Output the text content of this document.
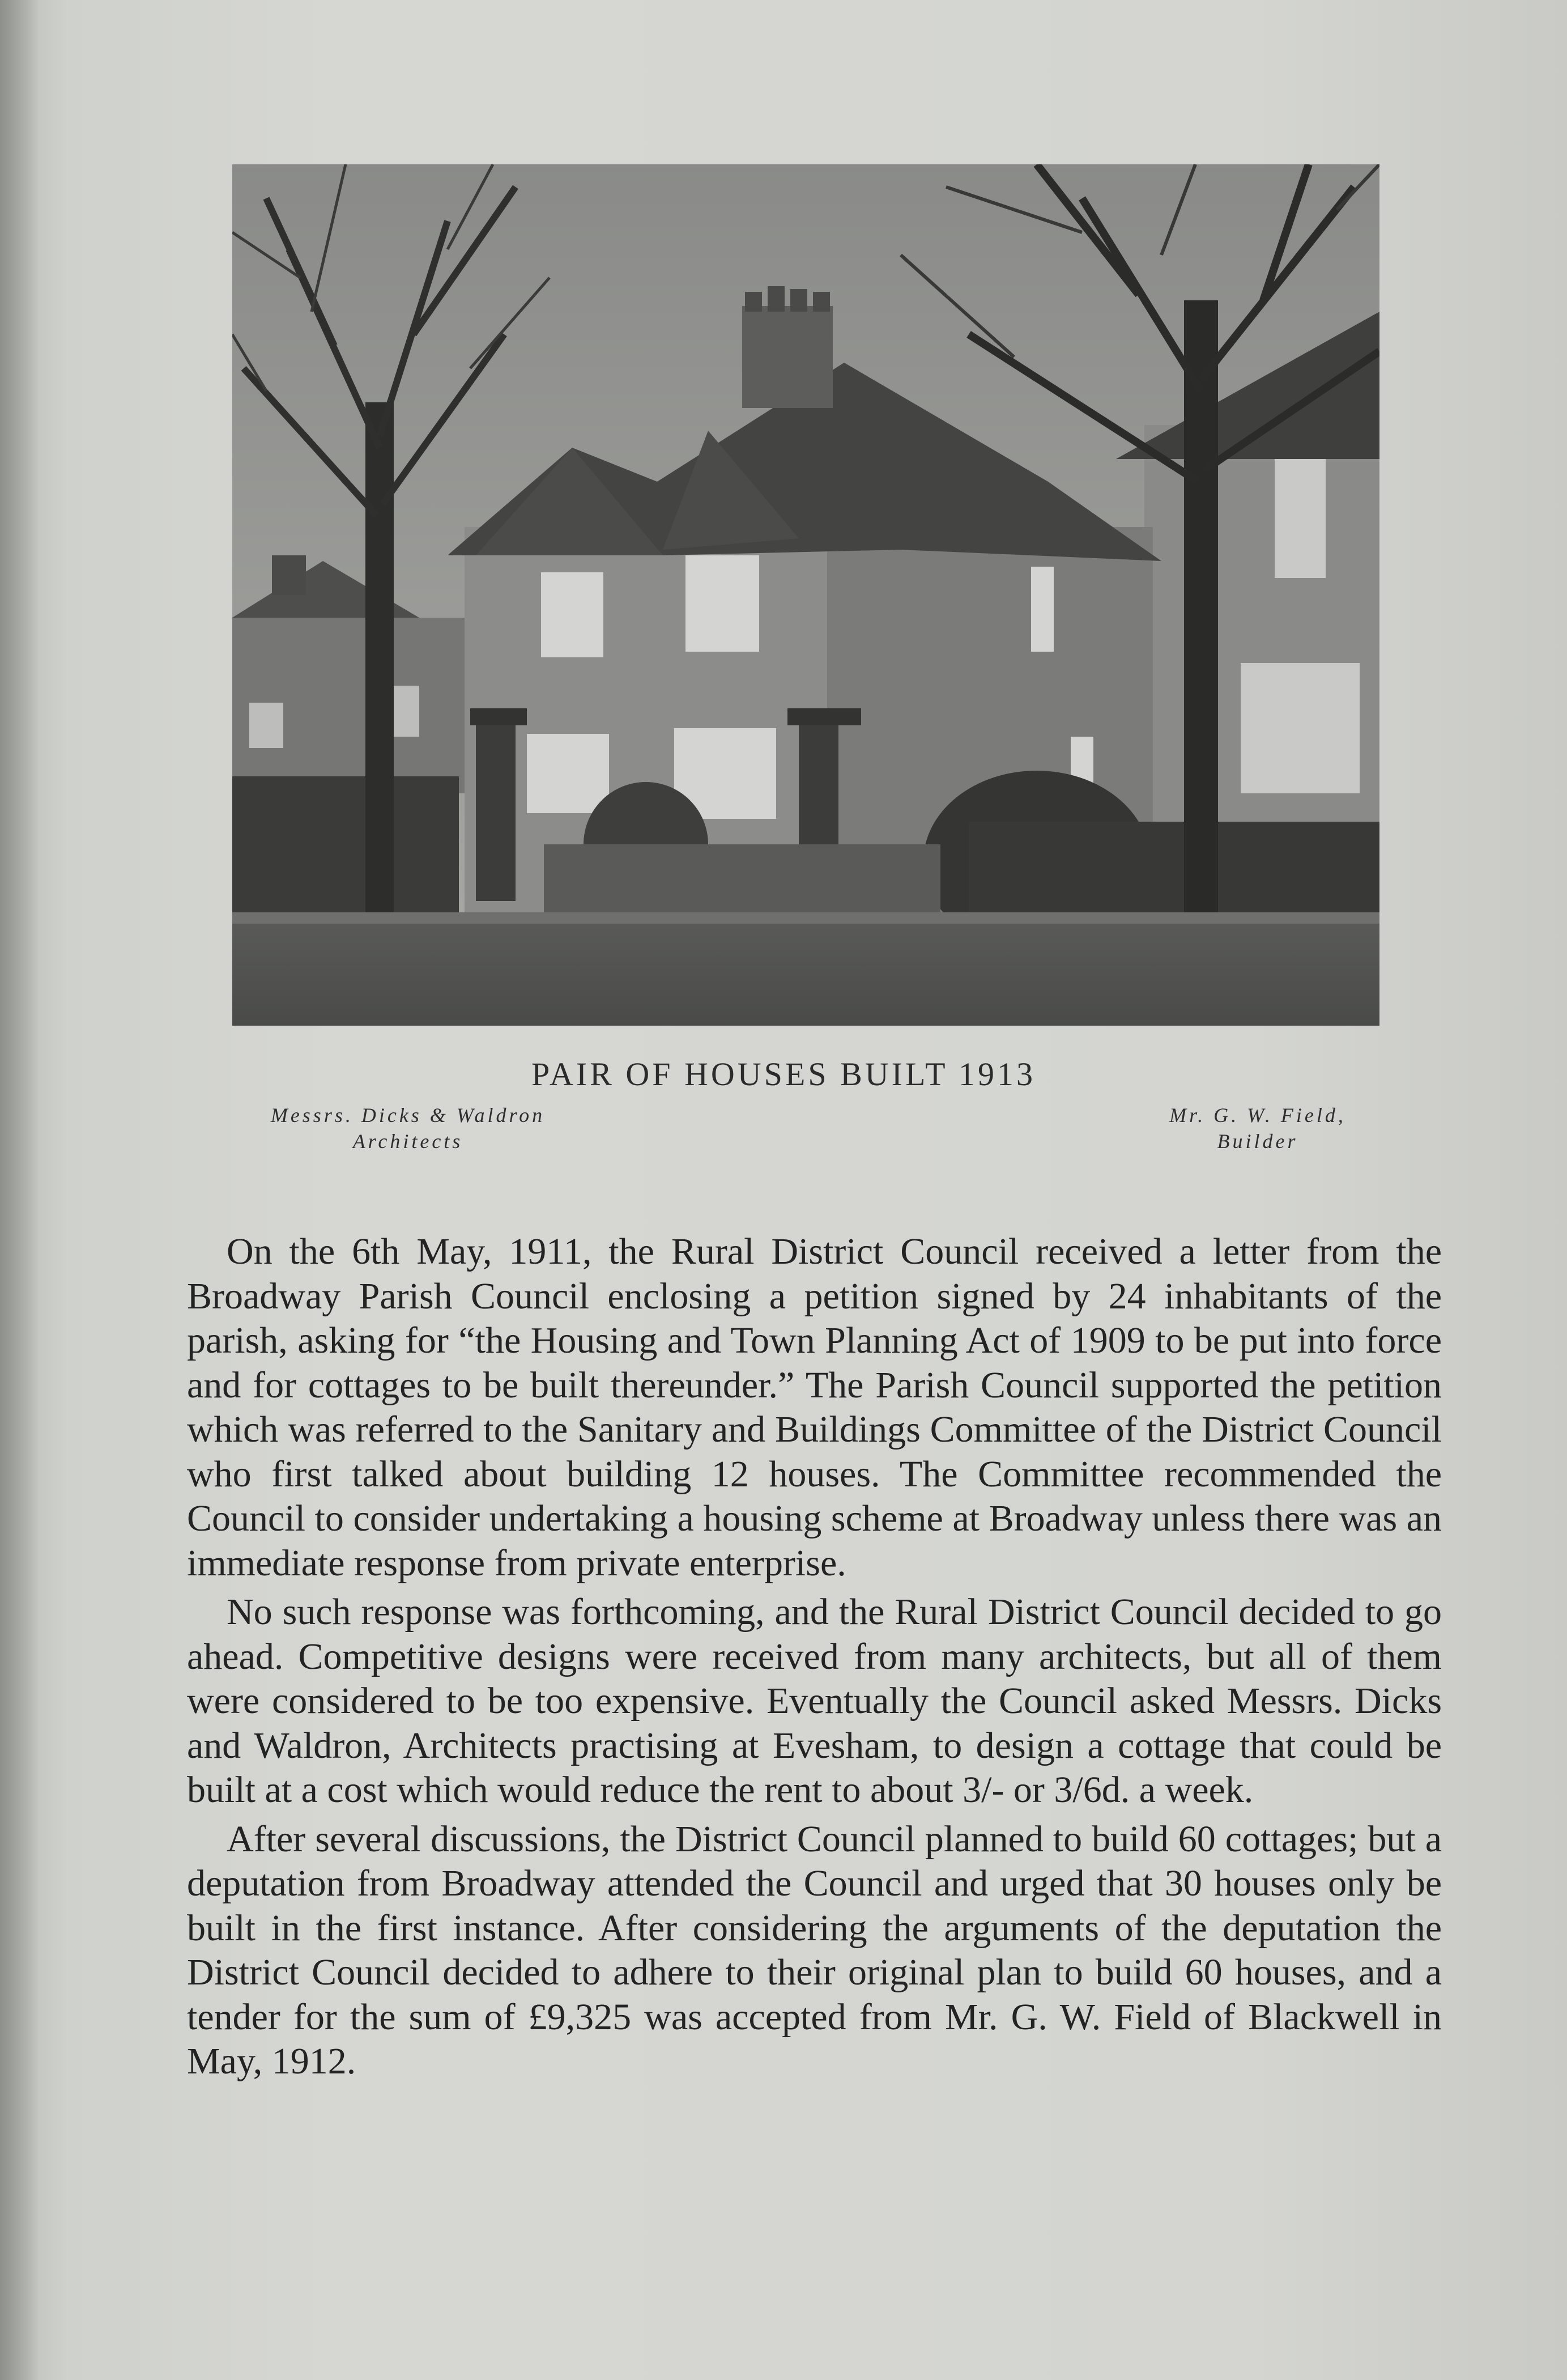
PAIR OF HOUSES BUILT 1913
Messrs. Dicks & Waldron
Architects
Mr. G. W. Field,
Builder

On the 6th May, 1911, the Rural District Council received a letter from the Broadway Parish Council enclosing a petition signed by 24 inhabitants of the parish, asking for “the Housing and Town Planning Act of 1909 to be put into force and for cottages to be built thereunder.” The Parish Council supported the petition which was referred to the Sanitary and Buildings Committee of the District Council who first talked about building 12 houses. The Committee recommended the Council to consider undertaking a housing scheme at Broadway unless there was an immediate response from private enterprise.

No such response was forthcoming, and the Rural District Council decided to go ahead. Competitive designs were received from many architects, but all of them were considered to be too expensive. Eventually the Council asked Messrs. Dicks and Waldron, Architects practising at Evesham, to design a cottage that could be built at a cost which would reduce the rent to about 3/- or 3/6d. a week.

After several discussions, the District Council planned to build 60 cottages; but a deputation from Broadway attended the Council and urged that 30 houses only be built in the first instance. After considering the arguments of the deputation the District Council decided to adhere to their original plan to build 60 houses, and a tender for the sum of £9,325 was accepted from Mr. G. W. Field of Blackwell in May, 1912.
